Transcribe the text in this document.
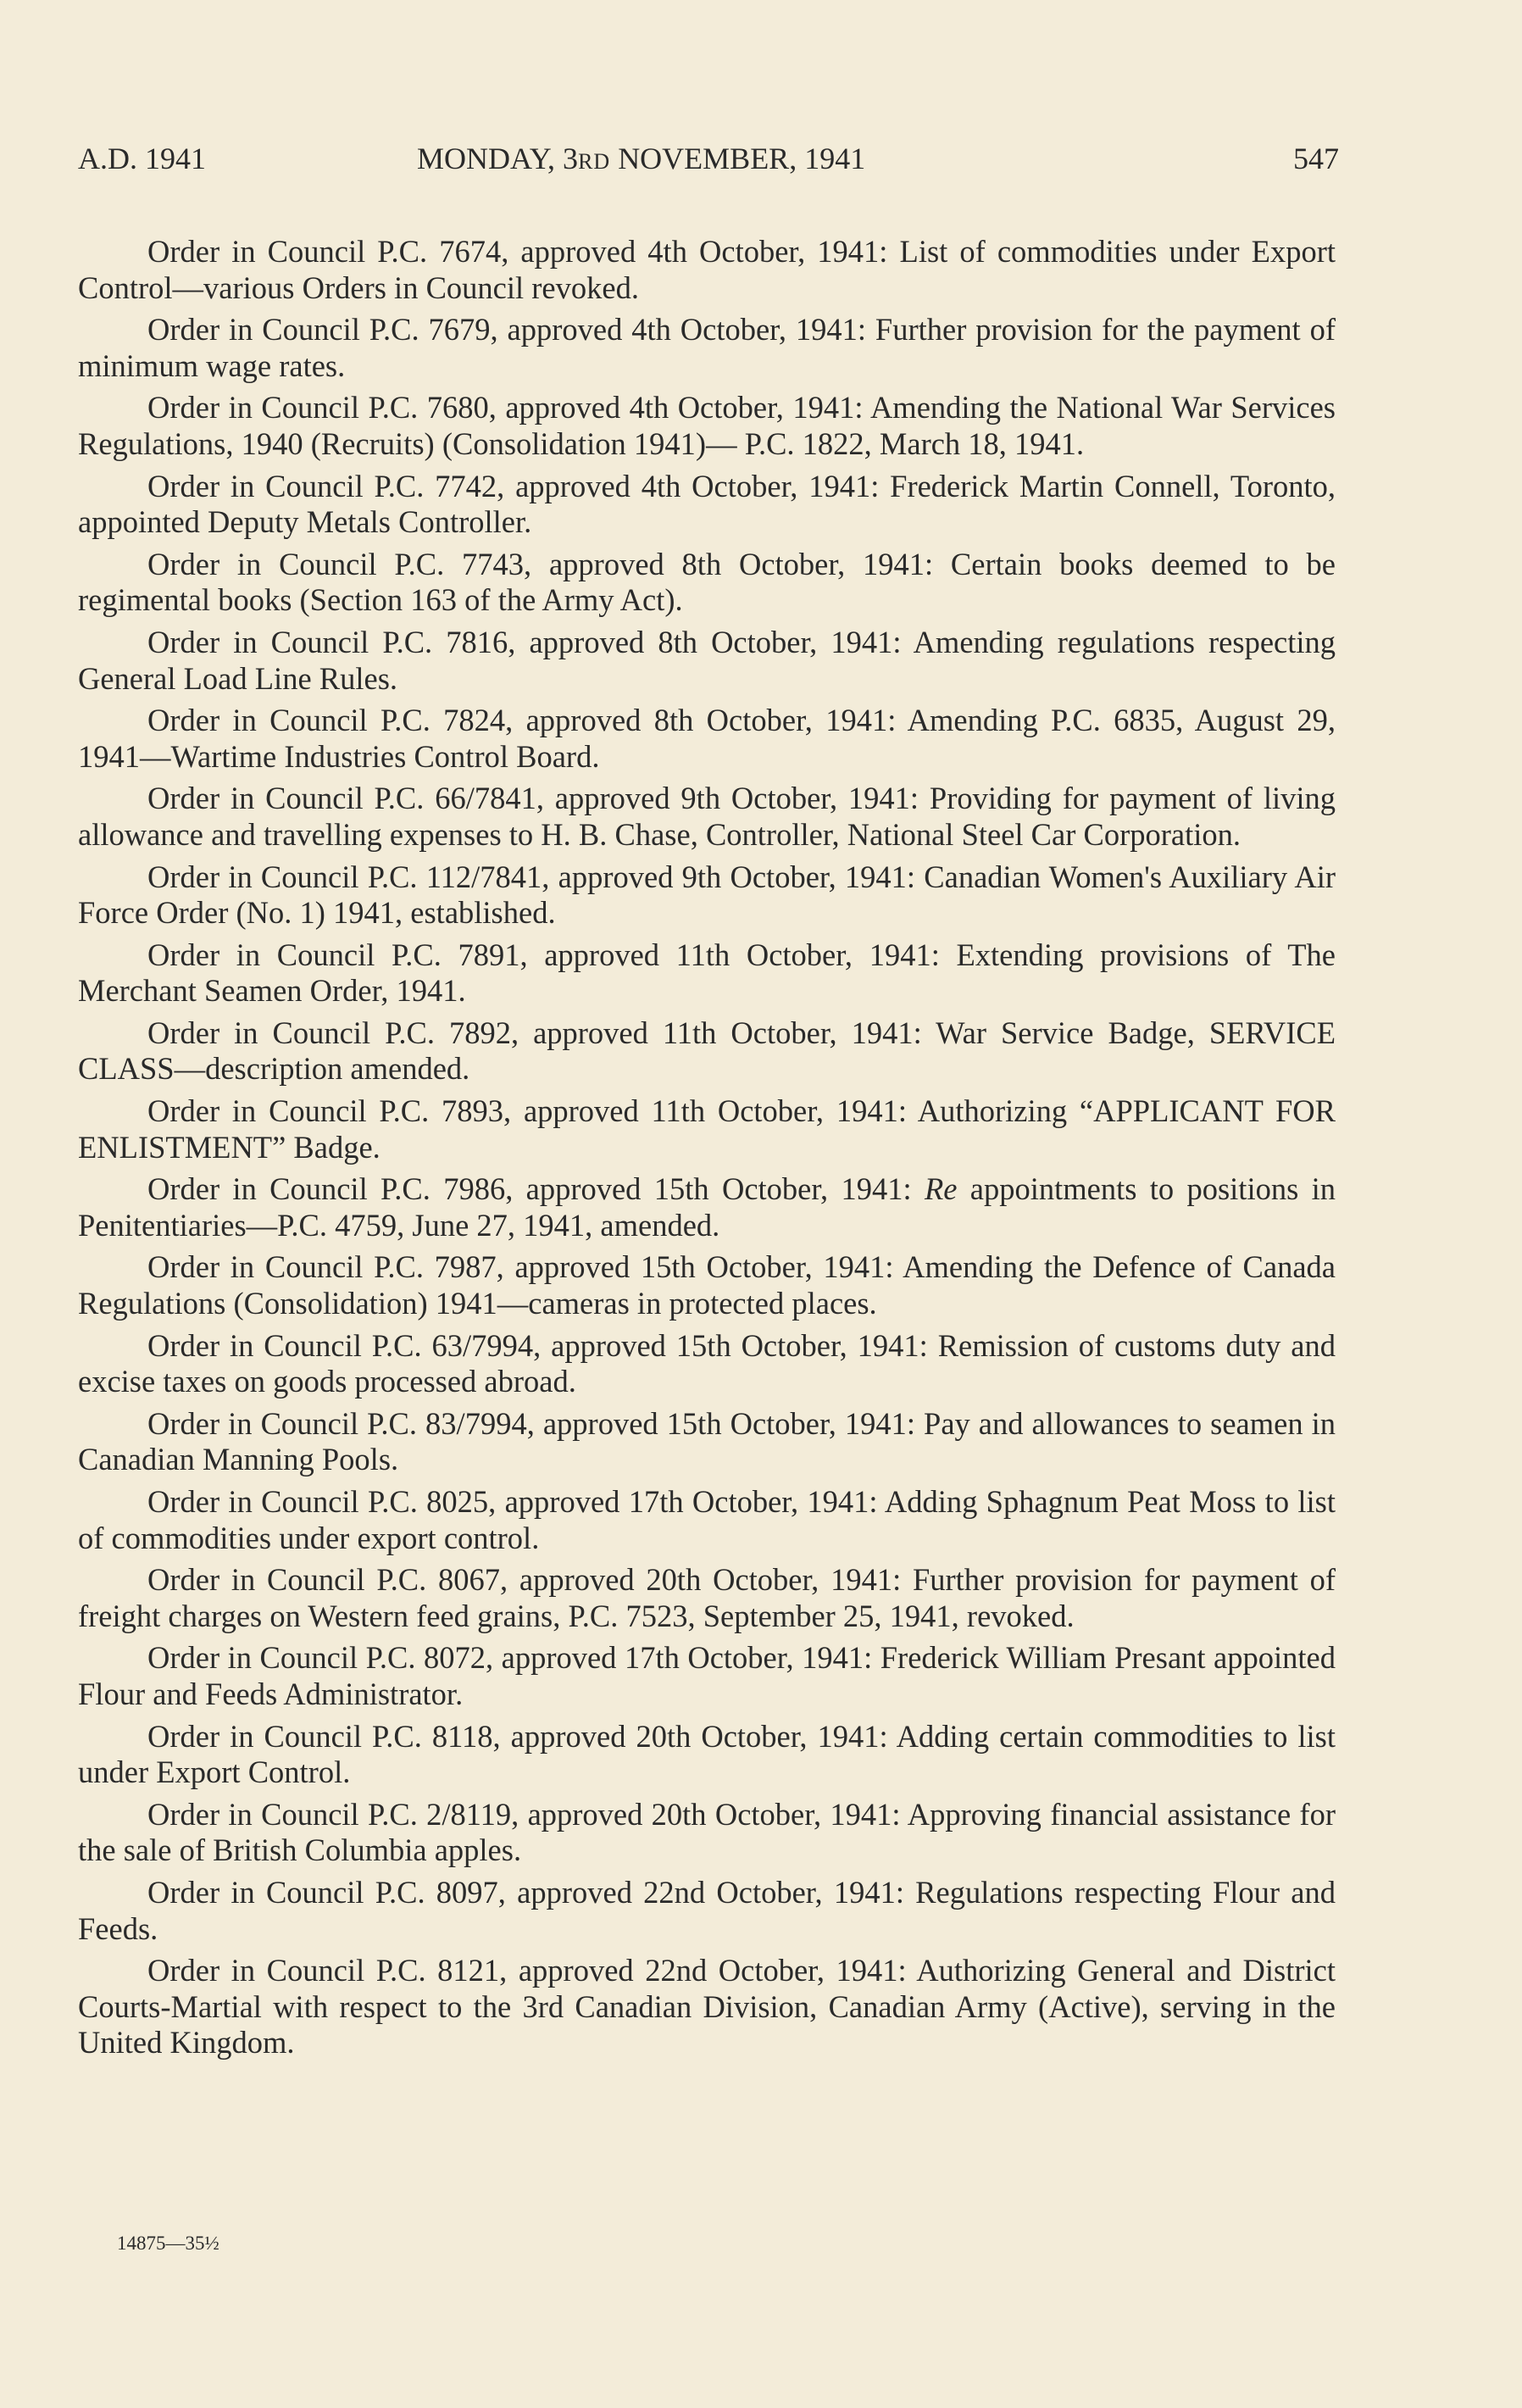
A.D. 1941	MONDAY, 3RD NOVEMBER, 1941	547

Order in Council P.C. 7674, approved 4th October, 1941: List of commodities under Export Control—various Orders in Council revoked.

Order in Council P.C. 7679, approved 4th October, 1941: Further provision for the payment of minimum wage rates.

Order in Council P.C. 7680, approved 4th October, 1941: Amending the National War Services Regulations, 1940 (Recruits) (Consolidation 1941)— P.C. 1822, March 18, 1941.

Order in Council P.C. 7742, approved 4th October, 1941: Frederick Martin Connell, Toronto, appointed Deputy Metals Controller.

Order in Council P.C. 7743, approved 8th October, 1941: Certain books deemed to be regimental books (Section 163 of the Army Act).

Order in Council P.C. 7816, approved 8th October, 1941: Amending regulations respecting General Load Line Rules.

Order in Council P.C. 7824, approved 8th October, 1941: Amending P.C. 6835, August 29, 1941—Wartime Industries Control Board.

Order in Council P.C. 66/7841, approved 9th October, 1941: Providing for payment of living allowance and travelling expenses to H. B. Chase, Controller, National Steel Car Corporation.

Order in Council P.C. 112/7841, approved 9th October, 1941: Canadian Women's Auxiliary Air Force Order (No. 1) 1941, established.

Order in Council P.C. 7891, approved 11th October, 1941: Extending provisions of The Merchant Seamen Order, 1941.

Order in Council P.C. 7892, approved 11th October, 1941: War Service Badge, SERVICE CLASS—description amended.

Order in Council P.C. 7893, approved 11th October, 1941: Authorizing “APPLICANT FOR ENLISTMENT” Badge.

Order in Council P.C. 7986, approved 15th October, 1941: Re appointments to positions in Penitentiaries—P.C. 4759, June 27, 1941, amended.

Order in Council P.C. 7987, approved 15th October, 1941: Amending the Defence of Canada Regulations (Consolidation) 1941—cameras in protected places.

Order in Council P.C. 63/7994, approved 15th October, 1941: Remission of customs duty and excise taxes on goods processed abroad.

Order in Council P.C. 83/7994, approved 15th October, 1941: Pay and allowances to seamen in Canadian Manning Pools.

Order in Council P.C. 8025, approved 17th October, 1941: Adding Sphagnum Peat Moss to list of commodities under export control.

Order in Council P.C. 8067, approved 20th October, 1941: Further provision for payment of freight charges on Western feed grains, P.C. 7523, September 25, 1941, revoked.

Order in Council P.C. 8072, approved 17th October, 1941: Frederick William Presant appointed Flour and Feeds Administrator.

Order in Council P.C. 8118, approved 20th October, 1941: Adding certain commodities to list under Export Control.

Order in Council P.C. 2/8119, approved 20th October, 1941: Approving financial assistance for the sale of British Columbia apples.

Order in Council P.C. 8097, approved 22nd October, 1941: Regulations respecting Flour and Feeds.

Order in Council P.C. 8121, approved 22nd October, 1941: Authorizing General and District Courts-Martial with respect to the 3rd Canadian Division, Canadian Army (Active), serving in the United Kingdom.

14875—35½
